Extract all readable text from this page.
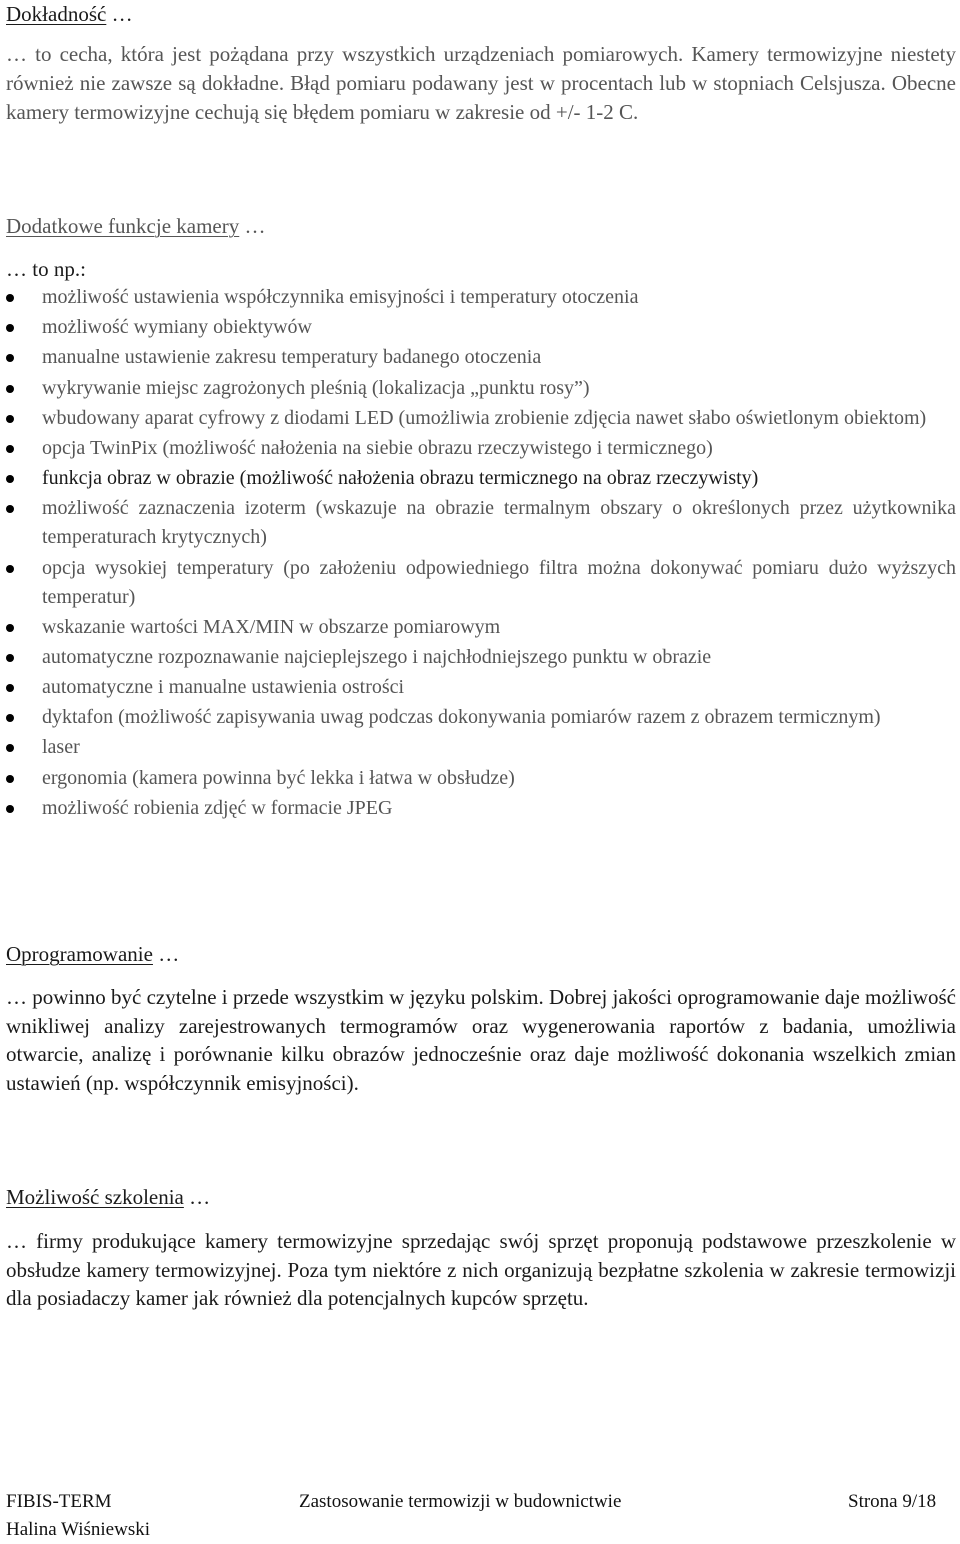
Dokładność …
… to cecha, która jest pożądana przy wszystkich urządzeniach pomiarowych. Kamery termowizyjne niestety również nie zawsze są dokładne. Błąd pomiaru podawany jest w procentach lub w stopniach Celsjusza. Obecne kamery termowizyjne cechują się błędem pomiaru w zakresie od +/- 1-2 C.
Dodatkowe funkcje kamery …
… to np.:
możliwość ustawienia współczynnika emisyjności i temperatury otoczenia
możliwość wymiany obiektywów
manualne ustawienie zakresu temperatury badanego otoczenia
wykrywanie miejsc zagrożonych pleśnią (lokalizacja „punktu rosy”)
wbudowany aparat cyfrowy z diodami LED (umożliwia zrobienie zdjęcia nawet słabo oświetlonym obiektom)
opcja TwinPix (możliwość nałożenia na siebie obrazu rzeczywistego i termicznego)
funkcja obraz w obrazie (możliwość nałożenia obrazu termicznego na obraz rzeczywisty)
możliwość zaznaczenia izoterm (wskazuje na obrazie termalnym obszary o określonych przez użytkownika temperaturach krytycznych)
opcja wysokiej temperatury (po założeniu odpowiedniego filtra można dokonywać pomiaru dużo wyższych temperatur)
wskazanie wartości MAX/MIN w obszarze pomiarowym
automatyczne rozpoznawanie najcieplejszego i najchłodniejszego punktu w obrazie
automatyczne i manualne ustawienia ostrości
dyktafon (możliwość zapisywania uwag podczas dokonywania pomiarów razem z obrazem termicznym)
laser
ergonomia (kamera powinna być lekka i łatwa w obsłudze)
możliwość robienia zdjęć w formacie JPEG
Oprogramowanie …
… powinno być czytelne i przede wszystkim w języku polskim. Dobrej jakości oprogramowanie daje możliwość wnikliwej analizy zarejestrowanych termogramów oraz wygenerowania raportów z badania, umożliwia otwarcie, analizę i porównanie kilku obrazów jednocześnie oraz daje możliwość dokonania wszelkich zmian ustawień (np. współczynnik emisyjności).
Możliwość szkolenia …
… firmy produkujące kamery termowizyjne sprzedając swój sprzęt proponują podstawowe przeszkolenie w obsłudze kamery termowizyjnej. Poza tym niektóre z nich organizują bezpłatne szkolenia w zakresie termowizji dla posiadaczy kamer jak również dla potencjalnych kupców sprzętu.
FIBIS-TERM
Halina Wiśniewski
Zastosowanie termowizji w budownictwie	Strona 9/18
